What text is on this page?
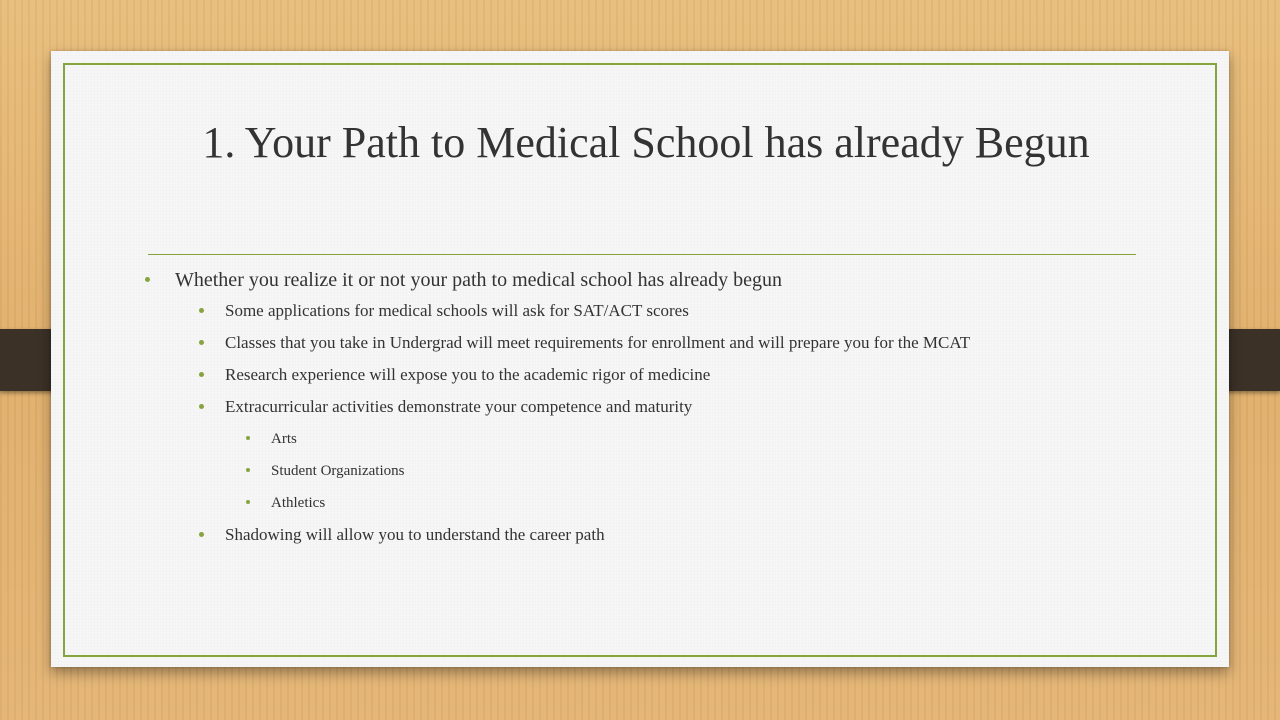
1. Your Path to Medical School has already Begun

Whether you realize it or not your path to medical school has already begun

Some applications for medical schools will ask for SAT/ACT scores

Classes that you take in Undergrad will meet requirements for enrollment and will prepare you for the MCAT

Research experience will expose you to the academic rigor of medicine

Extracurricular activities demonstrate your competence and maturity

Arts

Student Organizations

Athletics

Shadowing will allow you to understand the career path
